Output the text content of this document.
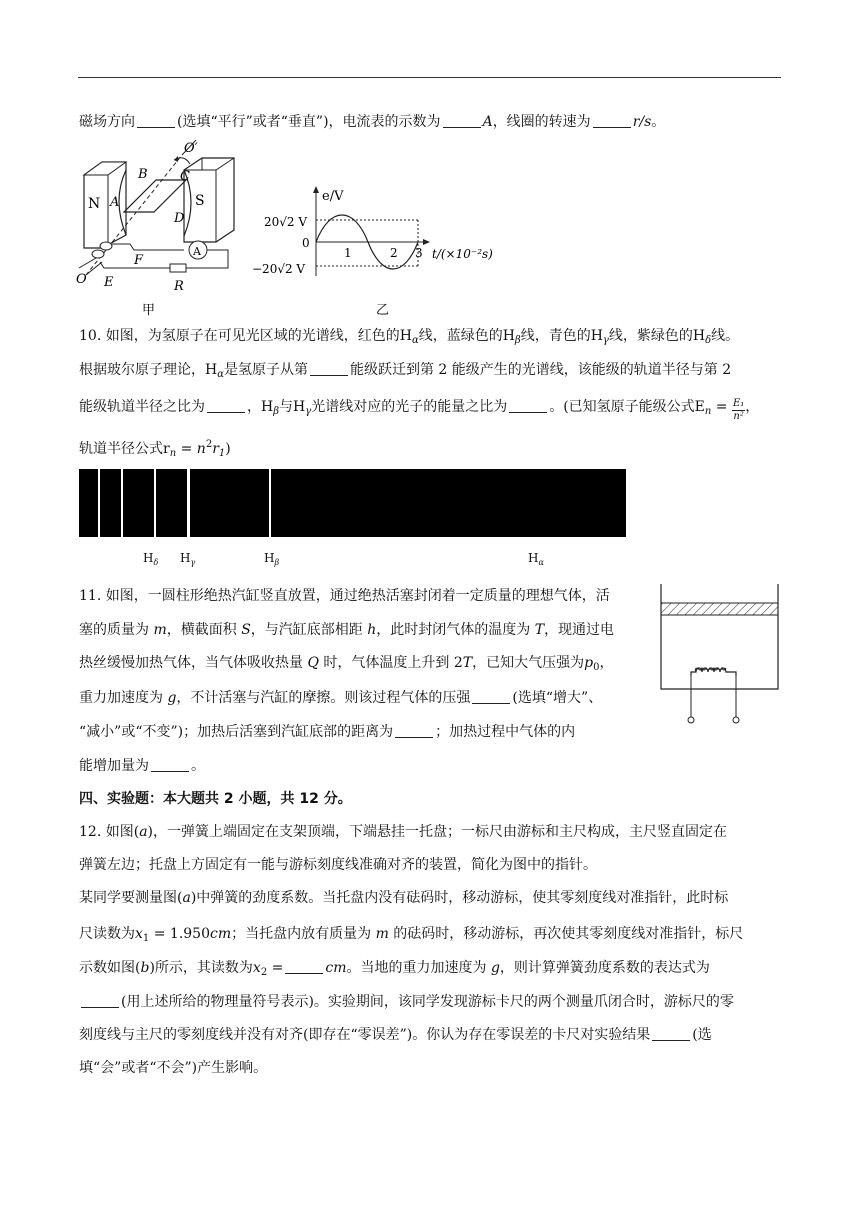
磁场方向	(选填“平行”或者“垂直”)，电流表的示数为	A，线圈的转速为	r/s。
N	S
A
O′
B C
A
D
F
O E	R
甲
e/V
20√2 V
0
−20√2 V
1	2 3 t/(×10⁻²s)
乙
10. 如图，为氢原子在可见光区域的光谱线，红色的$H_\alpha$线，蓝绿色的$H_\beta$线，青色的$H_\gamma$线，紫绿色的$H_\delta$线。
根据玻尔原子理论，$H_\alpha$是氢原子从第	能级跃迁到第 2 能级产生的光谱线，该能级的轨道半径与第 2
能级轨道半径之比为	，$H_\beta$与$H_\gamma$光谱线对应的光子的能量之比为	。(已知氢原子能级公式$E_n = \frac{\text{E₁}}{\text{n²}}$ ，
轨道半径公式$r_n = n^2r_1$)
$H_\delta$ $H_\gamma$	$H_\beta$	$H_\alpha$
11. 如图，一圆柱形绝热汽缸竖直放置，通过绝热活塞封闭着一定质量的理想气体，活
塞的质量为 m，横截面积 S，与汽缸底部相距 h，此时封闭气体的温度为 T，现通过电
热丝缓慢加热气体，当气体吸收热量 Q 时，气体温度上升到 2T，已知大气压强为$p_0$，
重力加速度为 g，不计活塞与汽缸的摩擦。则该过程气体的压强	(选填“增大”、
“减小”或“不变”)；加热后活塞到汽缸底部的距离为	；加热过程中气体的内
能增加量为	。
四、实验题：本大题共 2 小题，共 12 分。
12. 如图(a)，一弹簧上端固定在支架顶端，下端悬挂一托盘；一标尺由游标和主尺构成，主尺竖直固定在
弹簧左边；托盘上方固定有一能与游标刻度线准确对齐的装置，简化为图中的指针。
某同学要测量图(a)中弹簧的劲度系数。当托盘内没有砝码时，移动游标，使其零刻度线对准指针，此时标
尺读数为$x_1 = 1.950cm$；当托盘内放有质量为 m 的砝码时，移动游标，再次使其零刻度线对准指针，标尺
示数如图(b)所示，其读数为$x_2$ =	cm。当地的重力加速度为 g，则计算弹簧劲度系数的表达式为
(用上述所给的物理量符号表示)。实验期间，该同学发现游标卡尺的两个测量爪闭合时，游标尺的零
刻度线与主尺的零刻度线并没有对齐(即存在“零误差”)。你认为存在零误差的卡尺对实验结果	(选
填“会”或者“不会”)产生影响。
